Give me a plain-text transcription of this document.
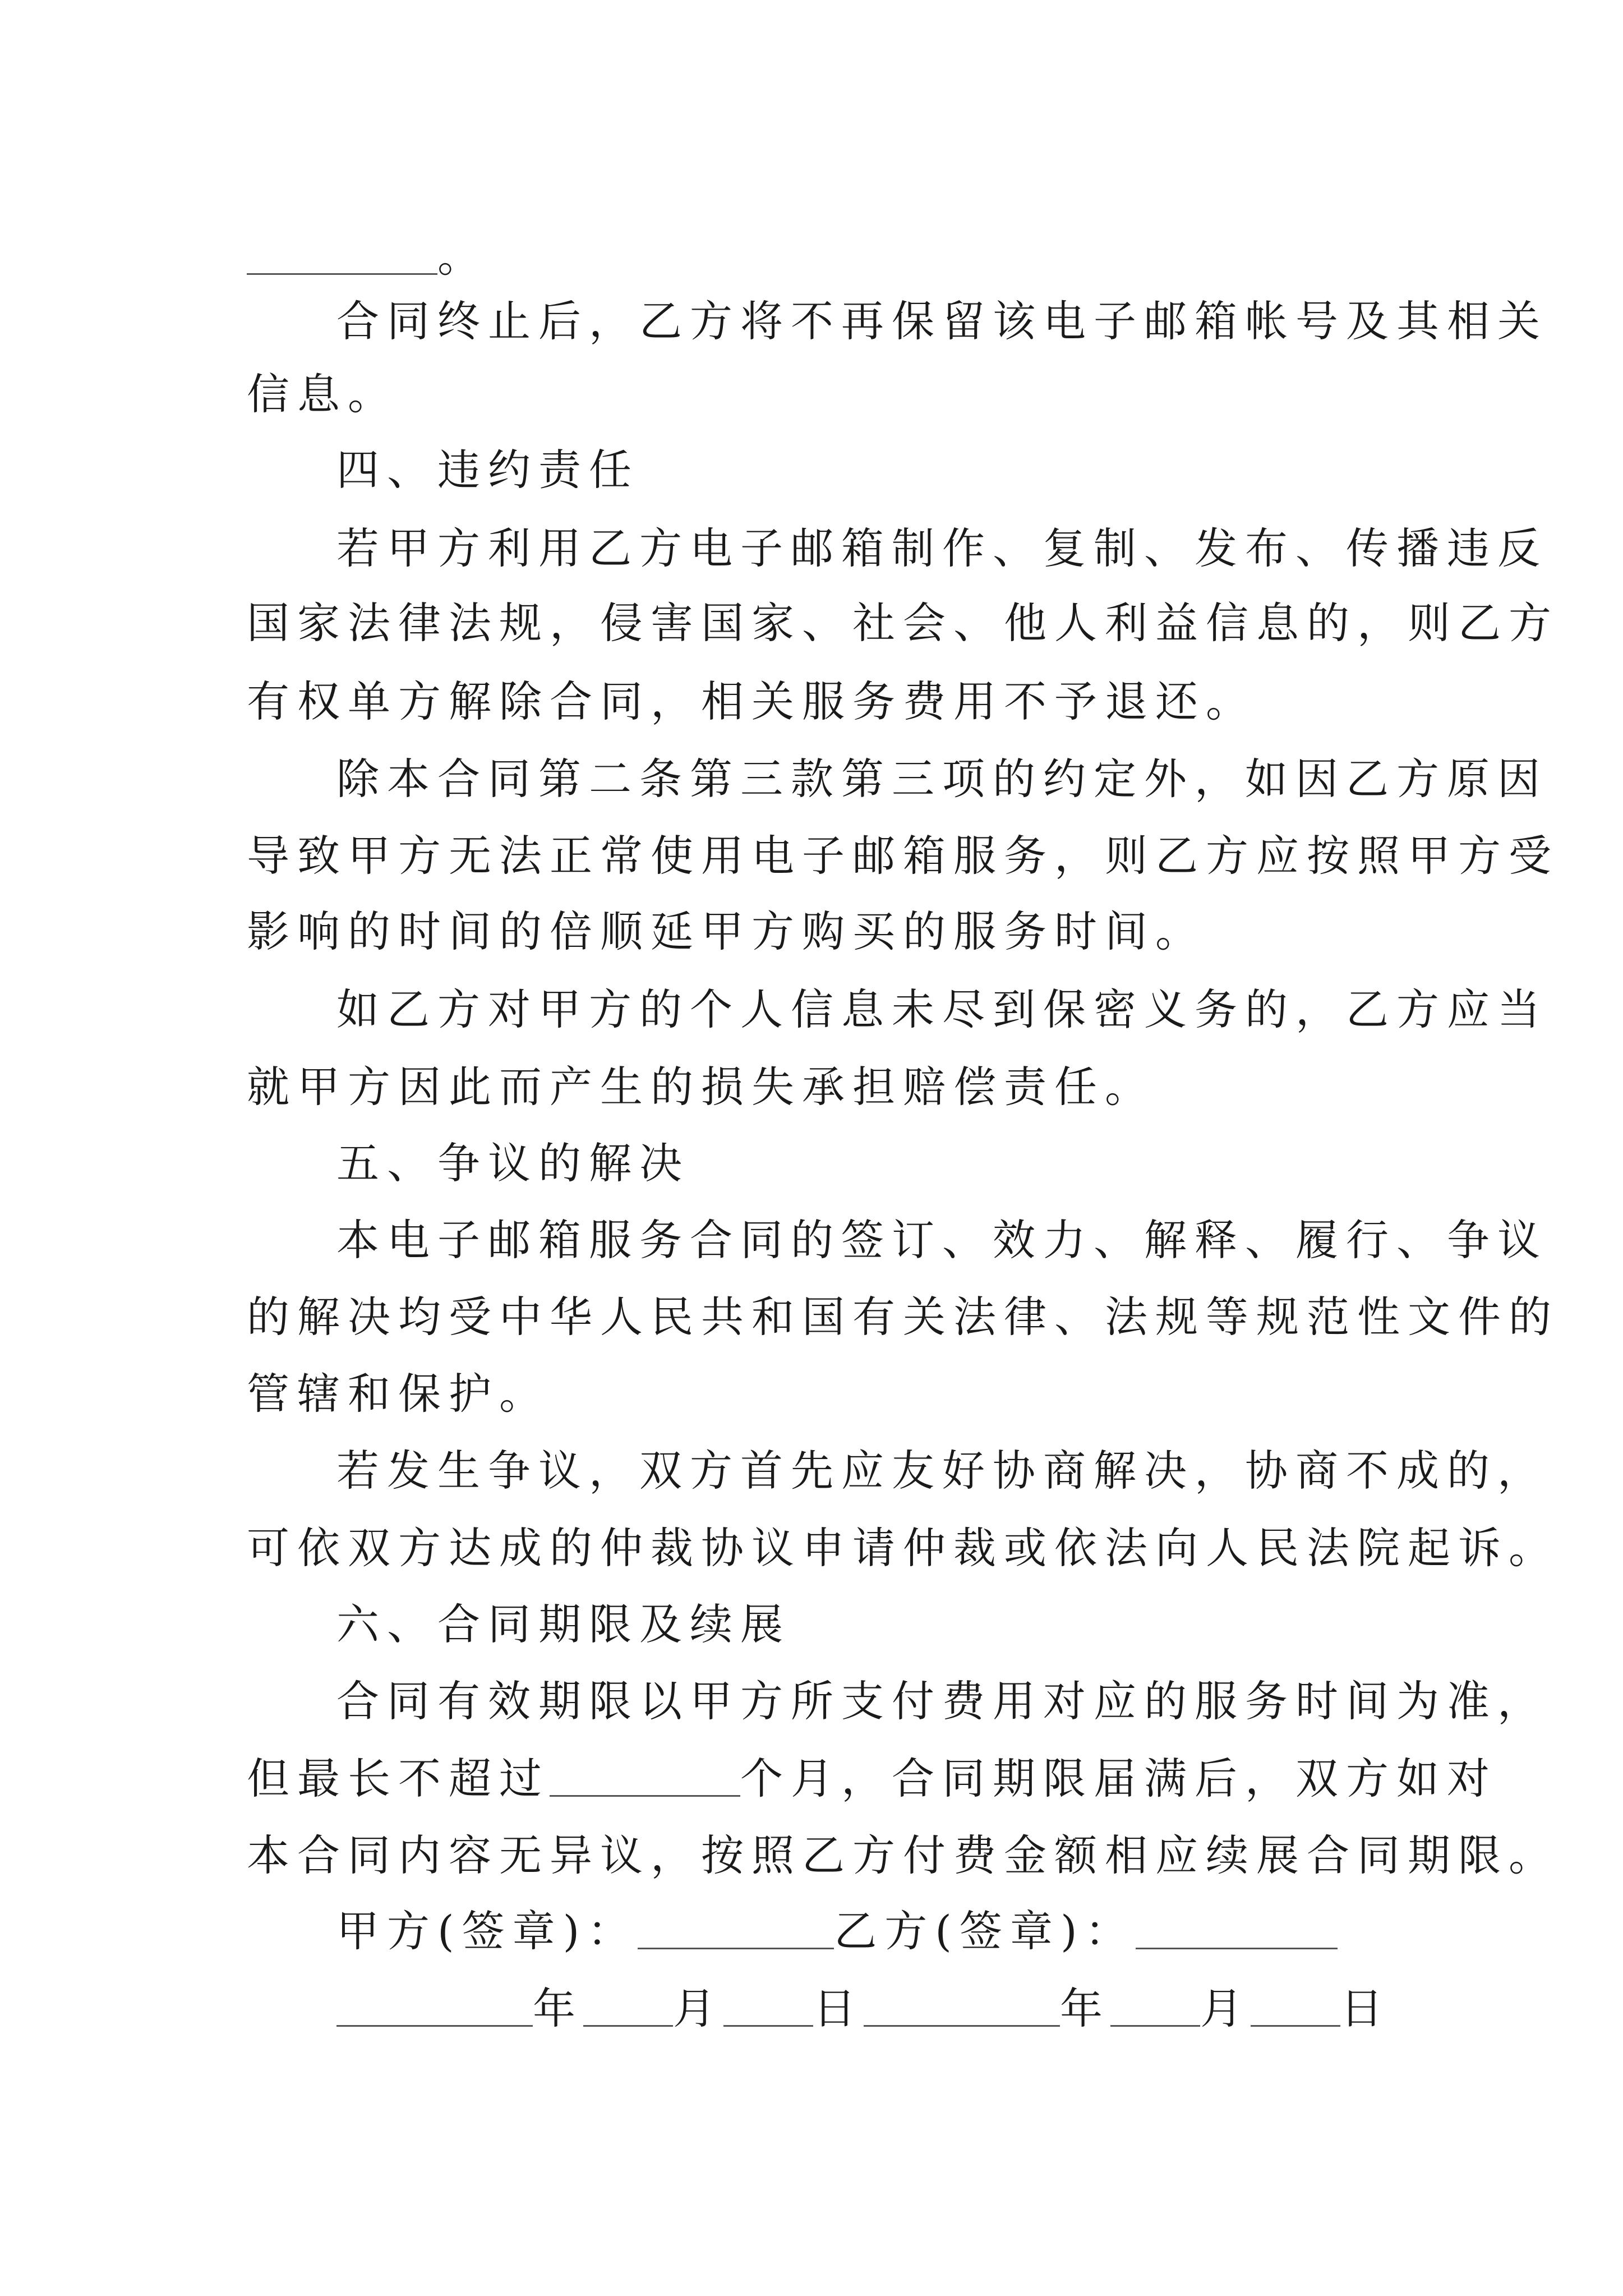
。
合同终止后，乙方将不再保留该电子邮箱帐号及其相关
信息。
四、违约责任
若甲方利用乙方电子邮箱制作、复制、发布、传播违反
国家法律法规，侵害国家、社会、他人利益信息的，则乙方
有权单方解除合同，相关服务费用不予退还。
除本合同第二条第三款第三项的约定外，如因乙方原因
导致甲方无法正常使用电子邮箱服务，则乙方应按照甲方受
影响的时间的倍顺延甲方购买的服务时间。
如乙方对甲方的个人信息未尽到保密义务的，乙方应当
就甲方因此而产生的损失承担赔偿责任。
五、争议的解决
本电子邮箱服务合同的签订、效力、解释、履行、争议
的解决均受中华人民共和国有关法律、法规等规范性文件的
管辖和保护。
若发生争议，双方首先应友好协商解决，协商不成的，
可依双方达成的仲裁协议申请仲裁或依法向人民法院起诉。
六、合同期限及续展
合同有效期限以甲方所支付费用对应的服务时间为准，
但最长不超过	个月，合同期限届满后，双方如对
本合同内容无异议，按照乙方付费金额相应续展合同期限。
甲方(签章)：	乙方(签章)：
年 月 日	年 月 日
